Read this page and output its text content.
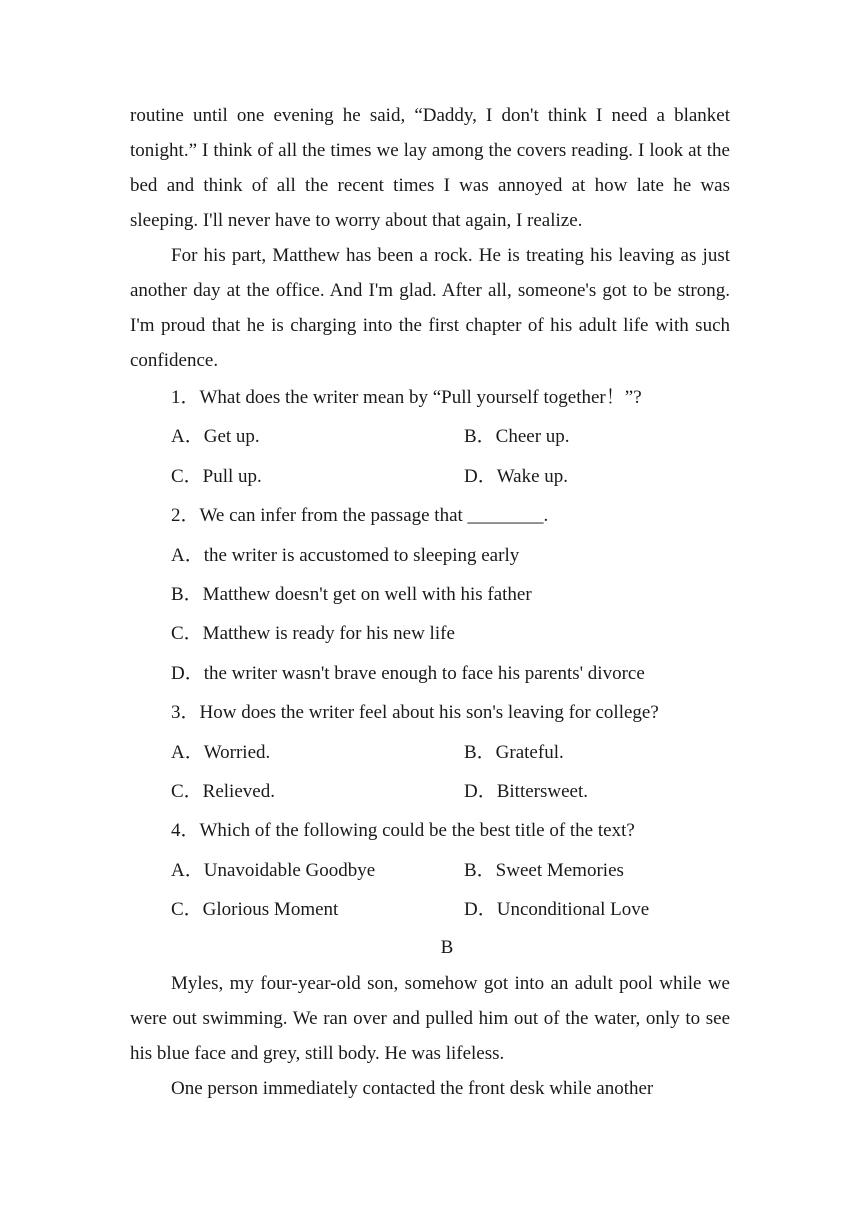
routine until one evening he said, “Daddy, I don't think I need a blanket tonight.” I think of all the times we lay among the covers reading. I look at the bed and think of all the recent times I was annoyed at how late he was sleeping. I'll never have to worry about that again, I realize.

For his part, Matthew has been a rock. He is treating his leaving as just another day at the office. And I'm glad. After all, someone's got to be strong. I'm proud that he is charging into the first chapter of his adult life with such confidence.

1．What does the writer mean by “Pull yourself together！”?
A．Get up.	B．Cheer up.
C．Pull up.	D．Wake up.
2．We can infer from the passage that ________.
A．the writer is accustomed to sleeping early
B．Matthew doesn't get on well with his father
C．Matthew is ready for his new life
D．the writer wasn't brave enough to face his parents' divorce
3．How does the writer feel about his son's leaving for college?
A．Worried.	B．Grateful.
C．Relieved.	D．Bittersweet.
4．Which of the following could be the best title of the text?
A．Unavoidable Goodbye	B．Sweet Memories
C．Glorious Moment	D．Unconditional Love
B

Myles, my four-year-old son, somehow got into an adult pool while we were out swimming. We ran over and pulled him out of the water, only to see his blue face and grey, still body. He was lifeless.

One person immediately contacted the front desk while another
